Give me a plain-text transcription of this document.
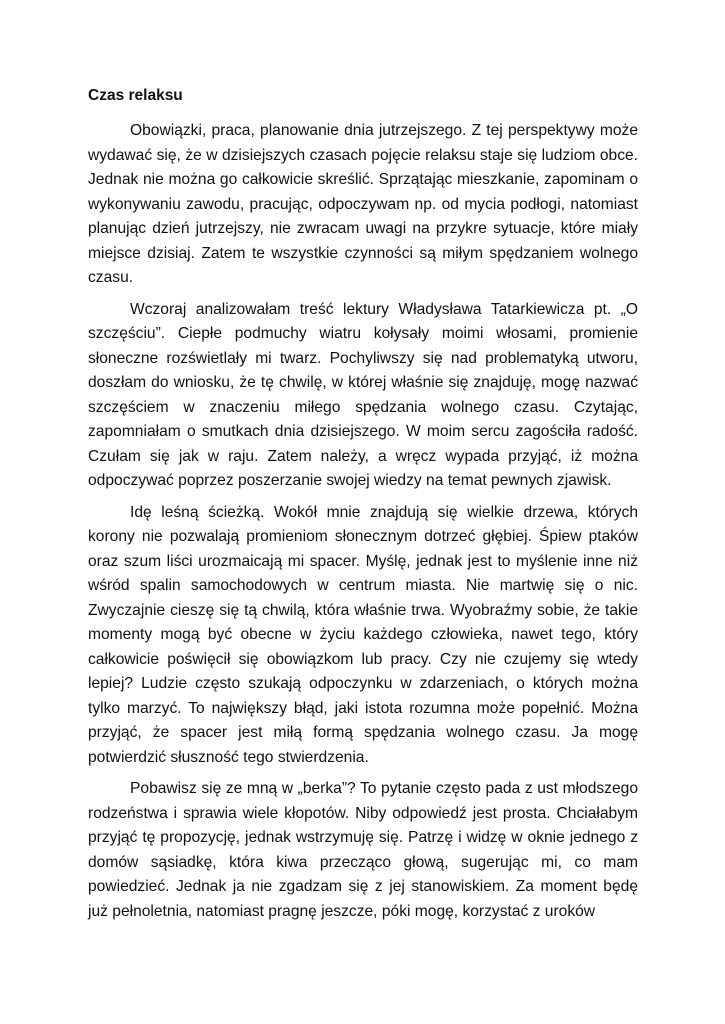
Czas relaksu

Obowiązki, praca, planowanie dnia jutrzejszego. Z tej perspektywy może wydawać się, że w dzisiejszych czasach pojęcie relaksu staje się ludziom obce. Jednak nie można go całkowicie skreślić. Sprzątając mieszkanie, zapominam o wykonywaniu zawodu, pracując, odpoczywam np. od mycia podłogi, natomiast planując dzień jutrzejszy, nie zwracam uwagi na przykre sytuacje, które miały miejsce dzisiaj. Zatem te wszystkie czynności są miłym spędzaniem wolnego czasu.

Wczoraj analizowałam treść lektury Władysława Tatarkiewicza pt. „O szczęściu”. Ciepłe podmuchy wiatru kołysały moimi włosami, promienie słoneczne rozświetlały mi twarz. Pochyliwszy się nad problematyką utworu, doszłam do wniosku, że tę chwilę, w której właśnie się znajduję, mogę nazwać szczęściem w znaczeniu miłego spędzania wolnego czasu. Czytając, zapomniałam o smutkach dnia dzisiejszego. W moim sercu zagościła radość. Czułam się jak w raju. Zatem należy, a wręcz wypada przyjąć, iż można odpoczywać poprzez poszerzanie swojej wiedzy na temat pewnych zjawisk.

Idę leśną ścieżką. Wokół mnie znajdują się wielkie drzewa, których korony nie pozwalają promieniom słonecznym dotrzeć głębiej. Śpiew ptaków oraz szum liści urozmaicają mi spacer. Myślę, jednak jest to myślenie inne niż wśród spalin samochodowych w centrum miasta. Nie martwię się o nic. Zwyczajnie cieszę się tą chwilą, która właśnie trwa. Wyobraźmy sobie, że takie momenty mogą być obecne w życiu każdego człowieka, nawet tego, który całkowicie poświęcił się obowiązkom lub pracy. Czy nie czujemy się wtedy lepiej? Ludzie często szukają odpoczynku w zdarzeniach, o których można tylko marzyć. To największy błąd, jaki istota rozumna może popełnić. Można przyjąć, że spacer jest miłą formą spędzania wolnego czasu. Ja mogę potwierdzić słuszność tego stwierdzenia.

Pobawisz się ze mną w „berka”? To pytanie często pada z ust młodszego rodzeństwa i sprawia wiele kłopotów. Niby odpowiedź jest prosta. Chciałabym przyjąć tę propozycję, jednak wstrzymuję się. Patrzę i widzę w oknie jednego z domów sąsiadkę, która kiwa przecząco głową, sugerując mi, co mam powiedzieć. Jednak ja nie zgadzam się z jej stanowiskiem. Za moment będę już pełnoletnia, natomiast pragnę jeszcze, póki mogę, korzystać z uroków
